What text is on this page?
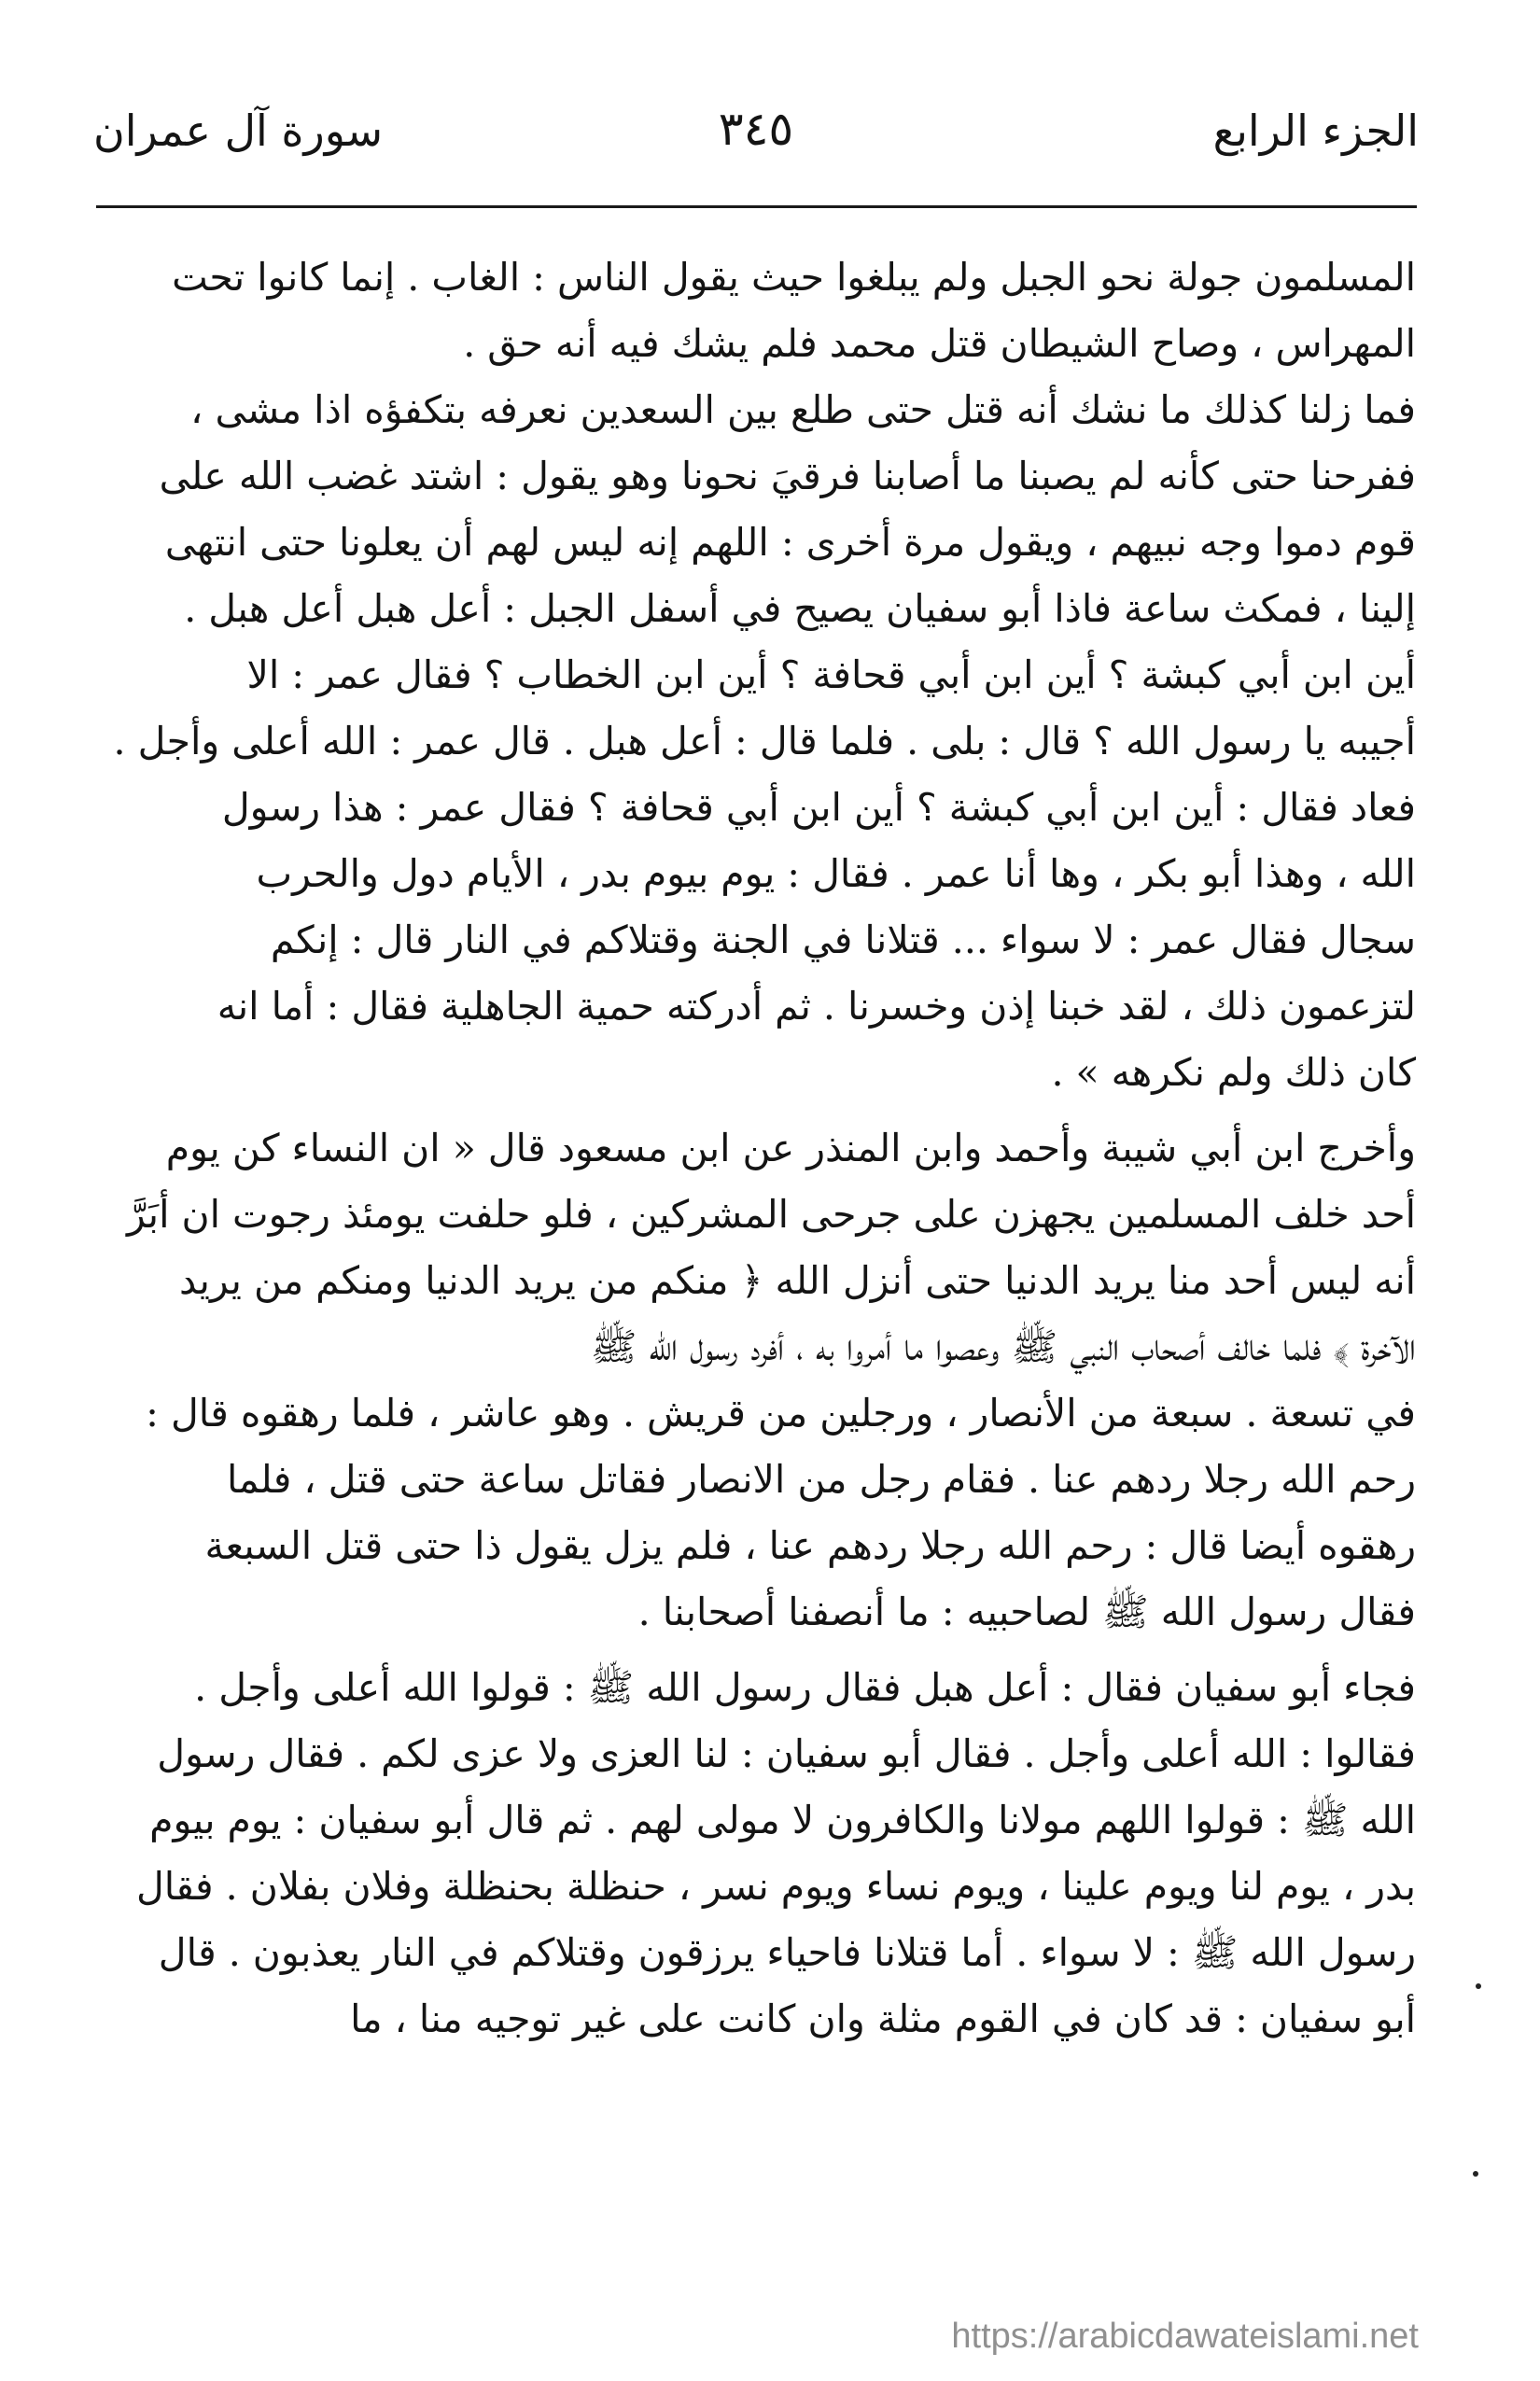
الجزء الرابع
٣٤٥
سورة آل عمران
المسلمون جولة نحو الجبل ولم يبلغوا حيث يقول الناس : الغاب . إنما كانوا تحت
المهراس ، وصاح الشيطان قتل محمد فلم يشك فيه أنه حق .
فما زلنا كذلك ما نشك أنه قتل حتى طلع بين السعدين نعرفه بتكفؤه اذا مشى ،
ففرحنا حتى كأنه لم يصبنا ما أصابنا فرقيَ نحونا وهو يقول : اشتد غضب الله على
قوم دموا وجه نبيهم ، ويقول مرة أخرى : اللهم إنه ليس لهم أن يعلونا حتى انتهى
إلينا ، فمكث ساعة فاذا أبو سفيان يصيح في أسفل الجبل : أعل هبل أعل هبل .
أين ابن أبي كبشة ؟ أين ابن أبي قحافة ؟ أين ابن الخطاب ؟ فقال عمر : الا
أجيبه يا رسول الله ؟ قال : بلى . فلما قال : أعل هبل . قال عمر : الله أعلى وأجل .
فعاد فقال : أين ابن أبي كبشة ؟ أين ابن أبي قحافة ؟ فقال عمر : هذا رسول
الله ، وهذا أبو بكر ، وها أنا عمر . فقال : يوم بيوم بدر ، الأيام دول والحرب
سجال فقال عمر : لا سواء ... قتلانا في الجنة وقتلاكم في النار قال : إنكم
لتزعمون ذلك ، لقد خبنا إذن وخسرنا . ثم أدركته حمية الجاهلية فقال : أما انه
كان ذلك ولم نكرهه » .
وأخرج ابن أبي شيبة وأحمد وابن المنذر عن ابن مسعود قال « ان النساء كن يوم
أحد خلف المسلمين يجهزن على جرحى المشركين ، فلو حلفت يومئذ رجوت ان أبَرَّ
أنه ليس أحد منا يريد الدنيا حتى أنزل الله ﴿ منكم من يريد الدنيا ومنكم من يريد
الآخرة ﴾ فلما خالف أصحاب النبي ﷺ وعصوا ما أمروا به ، أفرد رسول الله ﷺ
في تسعة . سبعة من الأنصار ، ورجلين من قريش . وهو عاشر ، فلما رهقوه قال :
رحم الله رجلا ردهم عنا . فقام رجل من الانصار فقاتل ساعة حتى قتل ، فلما
رهقوه أيضا قال : رحم الله رجلا ردهم عنا ، فلم يزل يقول ذا حتى قتل السبعة
فقال رسول الله ﷺ لصاحبيه : ما أنصفنا أصحابنا .
فجاء أبو سفيان فقال : أعل هبل فقال رسول الله ﷺ : قولوا الله أعلى وأجل .
فقالوا : الله أعلى وأجل . فقال أبو سفيان : لنا العزى ولا عزى لكم . فقال رسول
الله ﷺ : قولوا اللهم مولانا والكافرون لا مولى لهم . ثم قال أبو سفيان : يوم بيوم
بدر ، يوم لنا ويوم علينا ، ويوم نساء ويوم نسر ، حنظلة بحنظلة وفلان بفلان . فقال
رسول الله ﷺ : لا سواء . أما قتلانا فاحياء يرزقون وقتلاكم في النار يعذبون . قال
أبو سفيان : قد كان في القوم مثلة وان كانت على غير توجيه منا ، ما
https://arabicdawateislami.net
